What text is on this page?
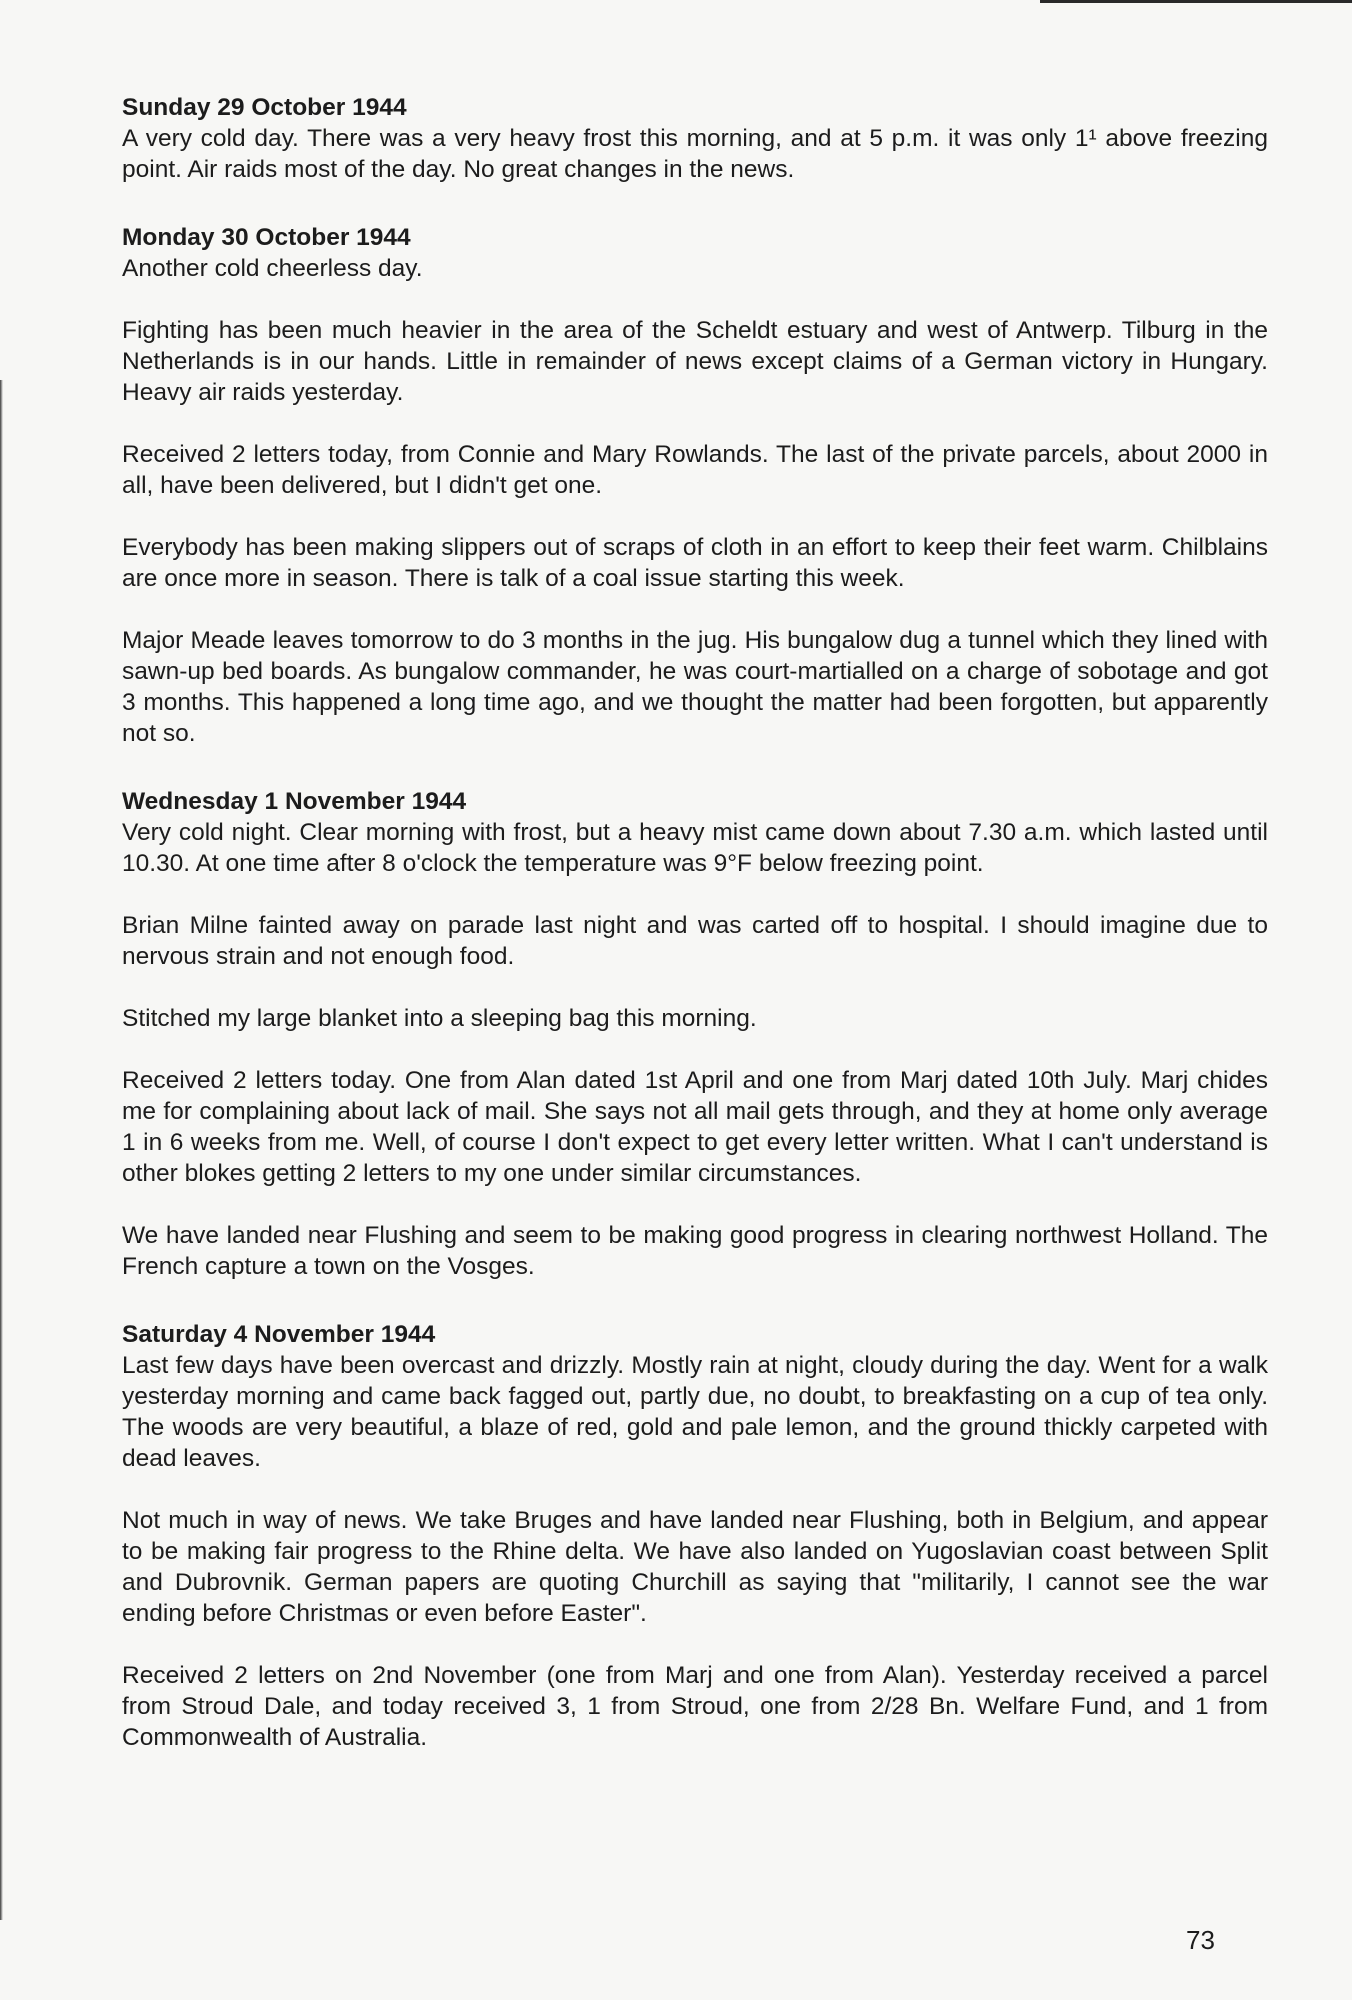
Sunday 29 October 1944

A very cold day. There was a very heavy frost this morning, and at 5 p.m. it was only 1¹ above freezing point. Air raids most of the day. No great changes in the news.

Monday 30 October 1944

Another cold cheerless day.

Fighting has been much heavier in the area of the Scheldt estuary and west of Antwerp. Tilburg in the Netherlands is in our hands. Little in remainder of news except claims of a German victory in Hungary. Heavy air raids yesterday.

Received 2 letters today, from Connie and Mary Rowlands. The last of the private parcels, about 2000 in all, have been delivered, but I didn't get one.

Everybody has been making slippers out of scraps of cloth in an effort to keep their feet warm. Chilblains are once more in season. There is talk of a coal issue starting this week.

Major Meade leaves tomorrow to do 3 months in the jug. His bungalow dug a tunnel which they lined with sawn-up bed boards. As bungalow commander, he was court-martialled on a charge of sobotage and got 3 months. This happened a long time ago, and we thought the matter had been forgotten, but apparently not so.

Wednesday 1 November 1944

Very cold night. Clear morning with frost, but a heavy mist came down about 7.30 a.m. which lasted until 10.30. At one time after 8 o'clock the temperature was 9°F below freezing point.

Brian Milne fainted away on parade last night and was carted off to hospital. I should imagine due to nervous strain and not enough food.

Stitched my large blanket into a sleeping bag this morning.

Received 2 letters today. One from Alan dated 1st April and one from Marj dated 10th July. Marj chides me for complaining about lack of mail. She says not all mail gets through, and they at home only average 1 in 6 weeks from me. Well, of course I don't expect to get every letter written. What I can't understand is other blokes getting 2 letters to my one under similar circumstances.

We have landed near Flushing and seem to be making good progress in clearing northwest Holland. The French capture a town on the Vosges.

Saturday 4 November 1944

Last few days have been overcast and drizzly. Mostly rain at night, cloudy during the day. Went for a walk yesterday morning and came back fagged out, partly due, no doubt, to breakfasting on a cup of tea only. The woods are very beautiful, a blaze of red, gold and pale lemon, and the ground thickly carpeted with dead leaves.

Not much in way of news. We take Bruges and have landed near Flushing, both in Belgium, and appear to be making fair progress to the Rhine delta. We have also landed on Yugoslavian coast between Split and Dubrovnik. German papers are quoting Churchill as saying that "militarily, I cannot see the war ending before Christmas or even before Easter".

Received 2 letters on 2nd November (one from Marj and one from Alan). Yesterday received a parcel from Stroud Dale, and today received 3, 1 from Stroud, one from 2/28 Bn. Welfare Fund, and 1 from Commonwealth of Australia.

73
